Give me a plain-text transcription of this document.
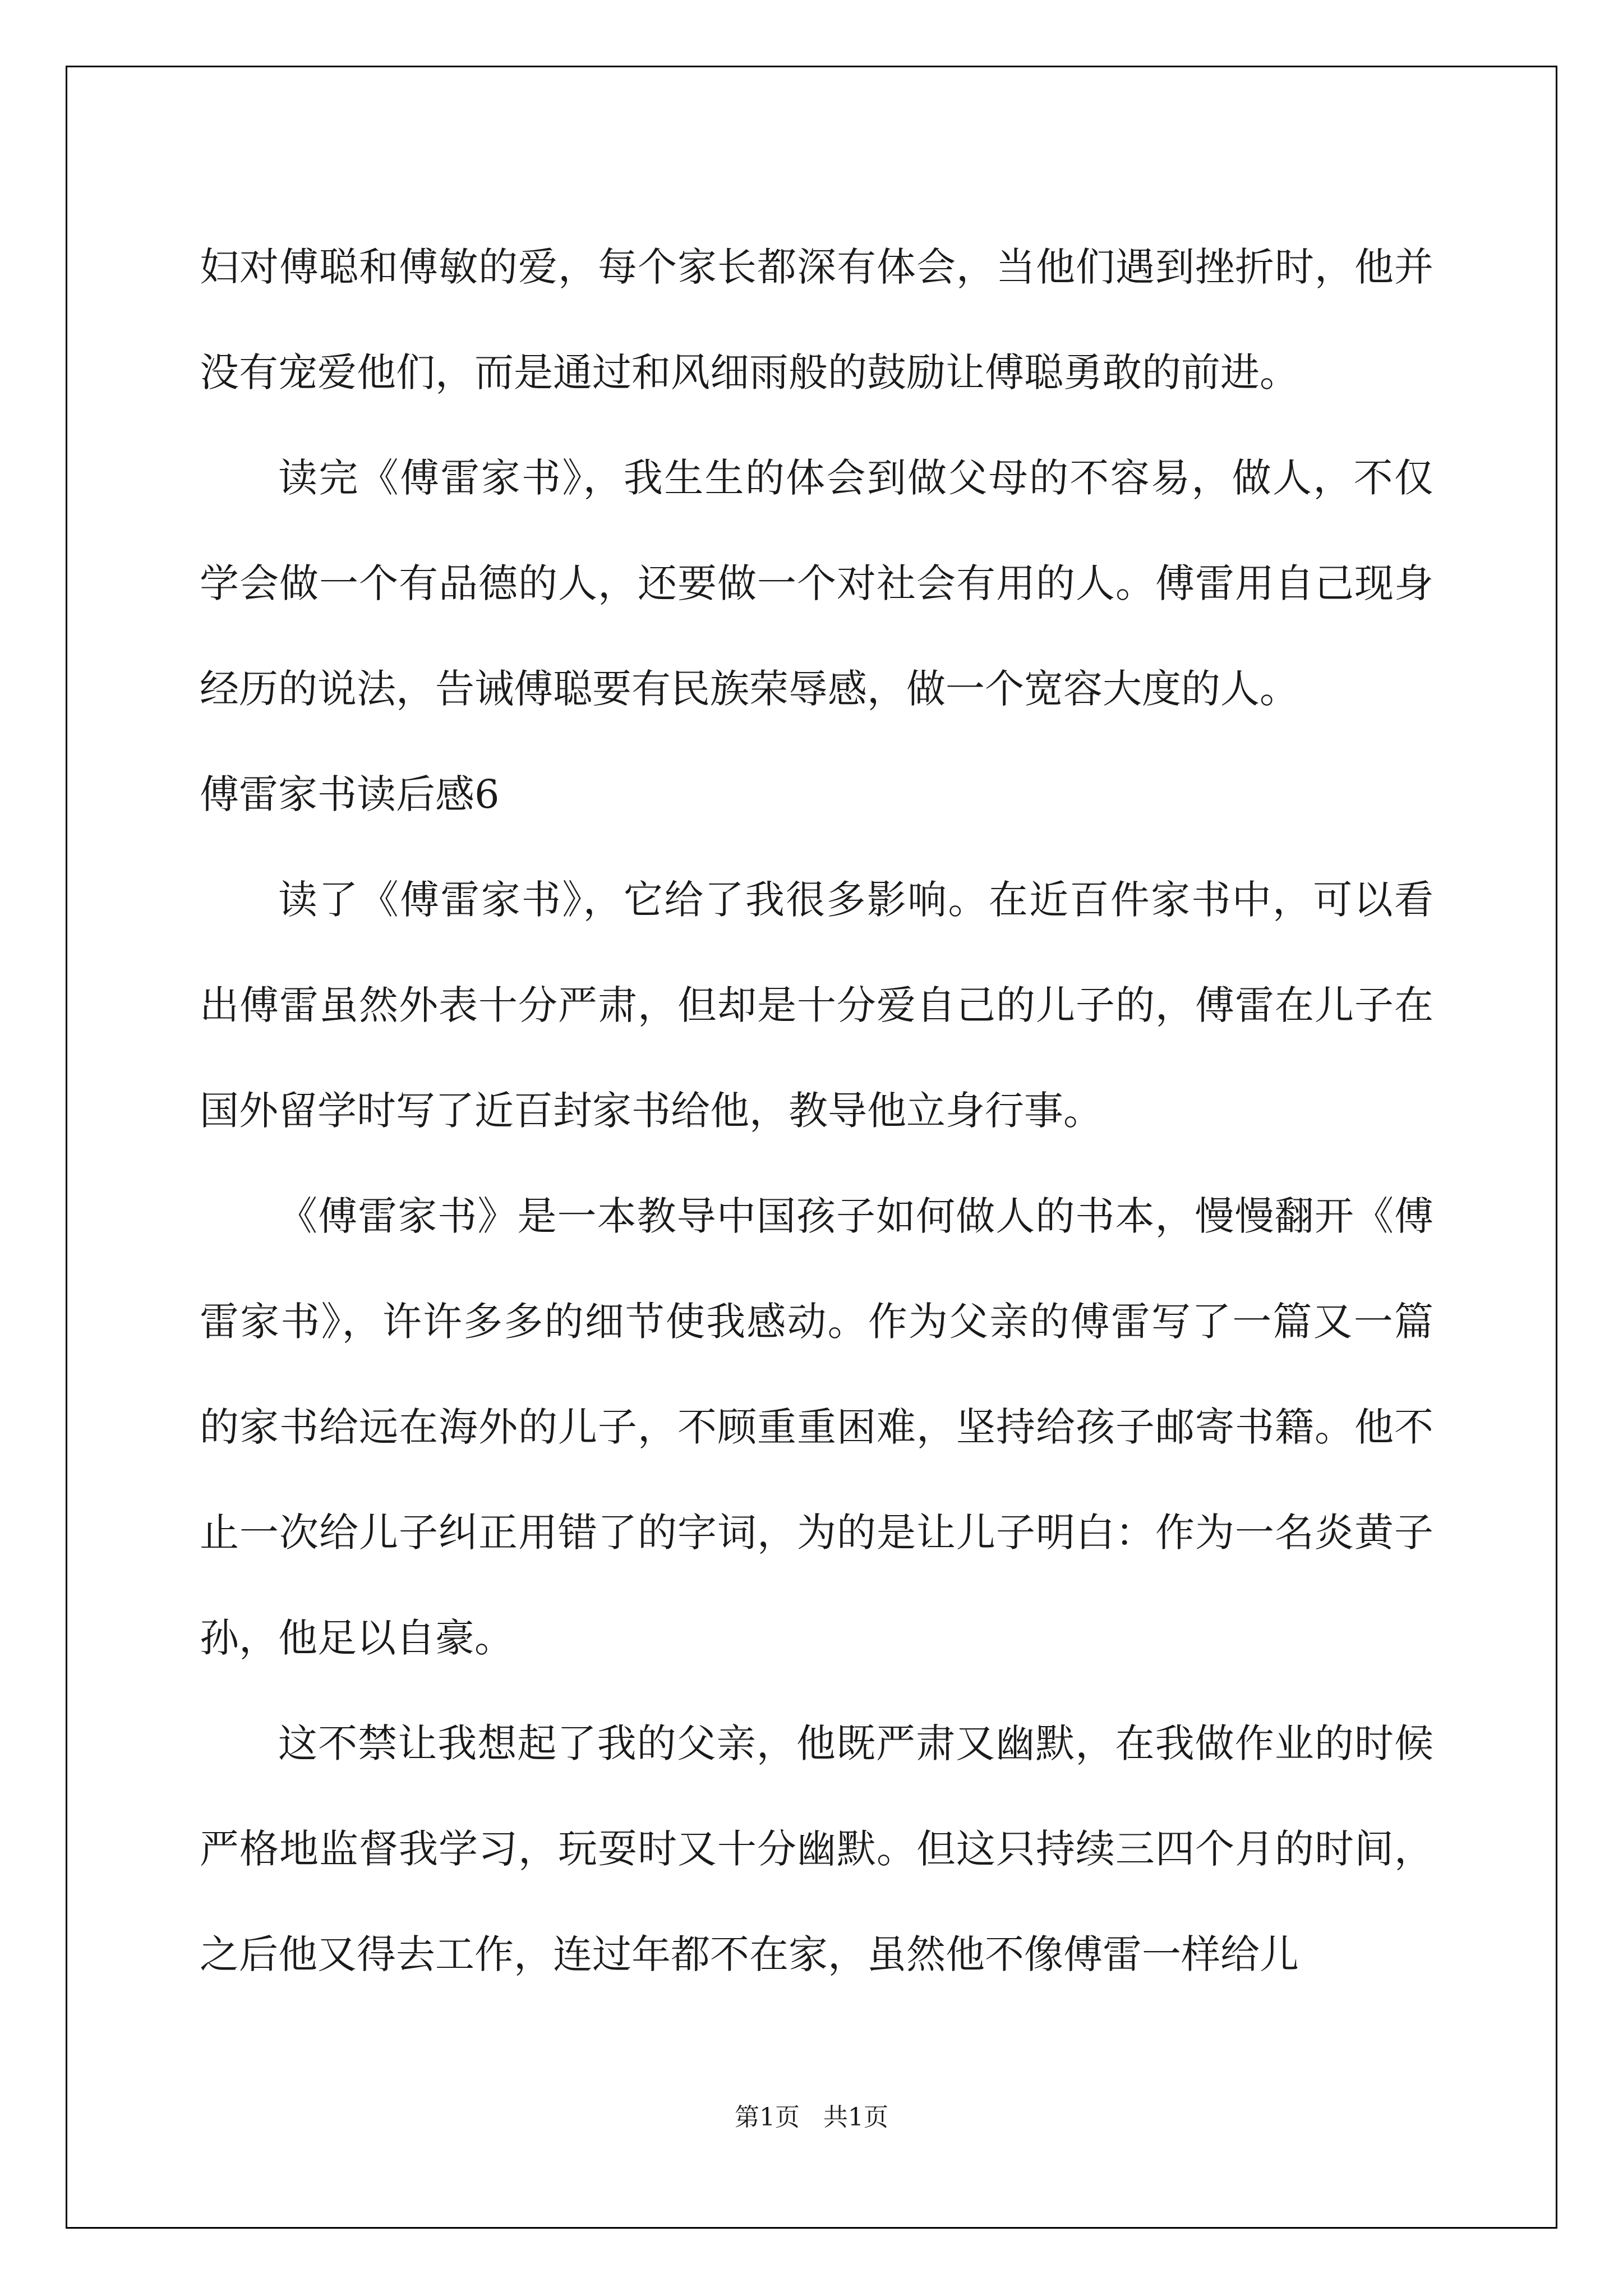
妇对傅聪和傅敏的爱，每个家长都深有体会，当他们遇到挫折时，他并没有宠爱他们，而是通过和风细雨般的鼓励让傅聪勇敢的前进。

读完《傅雷家书》，我生生的体会到做父母的不容易，做人，不仅学会做一个有品德的人，还要做一个对社会有用的人。傅雷用自己现身经历的说法，告诫傅聪要有民族荣辱感，做一个宽容大度的人。

傅雷家书读后感6

读了《傅雷家书》，它给了我很多影响。在近百件家书中，可以看出傅雷虽然外表十分严肃，但却是十分爱自己的儿子的，傅雷在儿子在国外留学时写了近百封家书给他，教导他立身行事。

《傅雷家书》是一本教导中国孩子如何做人的书本，慢慢翻开《傅雷家书》，许许多多的细节使我感动。作为父亲的傅雷写了一篇又一篇的家书给远在海外的儿子，不顾重重困难，坚持给孩子邮寄书籍。他不止一次给儿子纠正用错了的字词，为的是让儿子明白：作为一名炎黄子孙，他足以自豪。

这不禁让我想起了我的父亲，他既严肃又幽默，在我做作业的时候严格地监督我学习，玩耍时又十分幽默。但这只持续三四个月的时间，之后他又得去工作，连过年都不在家，虽然他不像傅雷一样给儿

第1页   共1页
